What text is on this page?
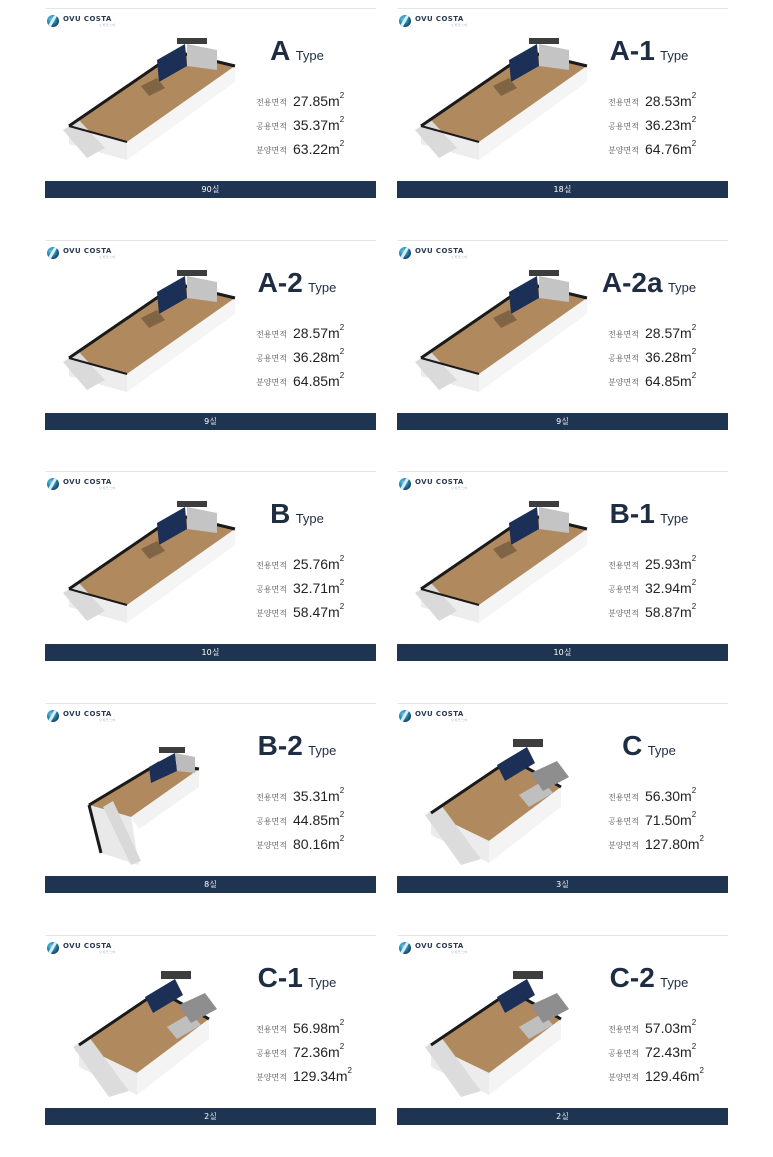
OVU COSTA
오뷰코스타
A Type
전용면적 $27.85m^2$
공용면적 $35.37m^2$
분양면적 $63.22m^2$
90실
OVU COSTA
오뷰코스타
A-1 Type
전용면적 $28.53m^2$
공용면적 $36.23m^2$
분양면적 $64.76m^2$
18실
OVU COSTA
오뷰코스타
A-2 Type
전용면적 $28.57m^2$
공용면적 $36.28m^2$
분양면적 $64.85m^2$
9실
OVU COSTA
오뷰코스타
A-2a Type
전용면적 $28.57m^2$
공용면적 $36.28m^2$
분양면적 $64.85m^2$
9실
OVU COSTA
오뷰코스타
B Type
전용면적 $25.76m^2$
공용면적 $32.71m^2$
분양면적 $58.47m^2$
10실
OVU COSTA
오뷰코스타
B-1 Type
전용면적 $25.93m^2$
공용면적 $32.94m^2$
분양면적 $58.87m^2$
10실
OVU COSTA
오뷰코스타
B-2 Type
전용면적 $35.31m^2$
공용면적 $44.85m^2$
분양면적 $80.16m^2$
8실
OVU COSTA
오뷰코스타
C Type
전용면적 $56.30m^2$
공용면적 $71.50m^2$
분양면적 $127.80m^2$
3실
OVU COSTA
오뷰코스타
C-1 Type
전용면적 $56.98m^2$
공용면적 $72.36m^2$
분양면적 $129.34m^2$
2실
OVU COSTA
오뷰코스타
C-2 Type
전용면적 $57.03m^2$
공용면적 $72.43m^2$
분양면적 $129.46m^2$
2실
